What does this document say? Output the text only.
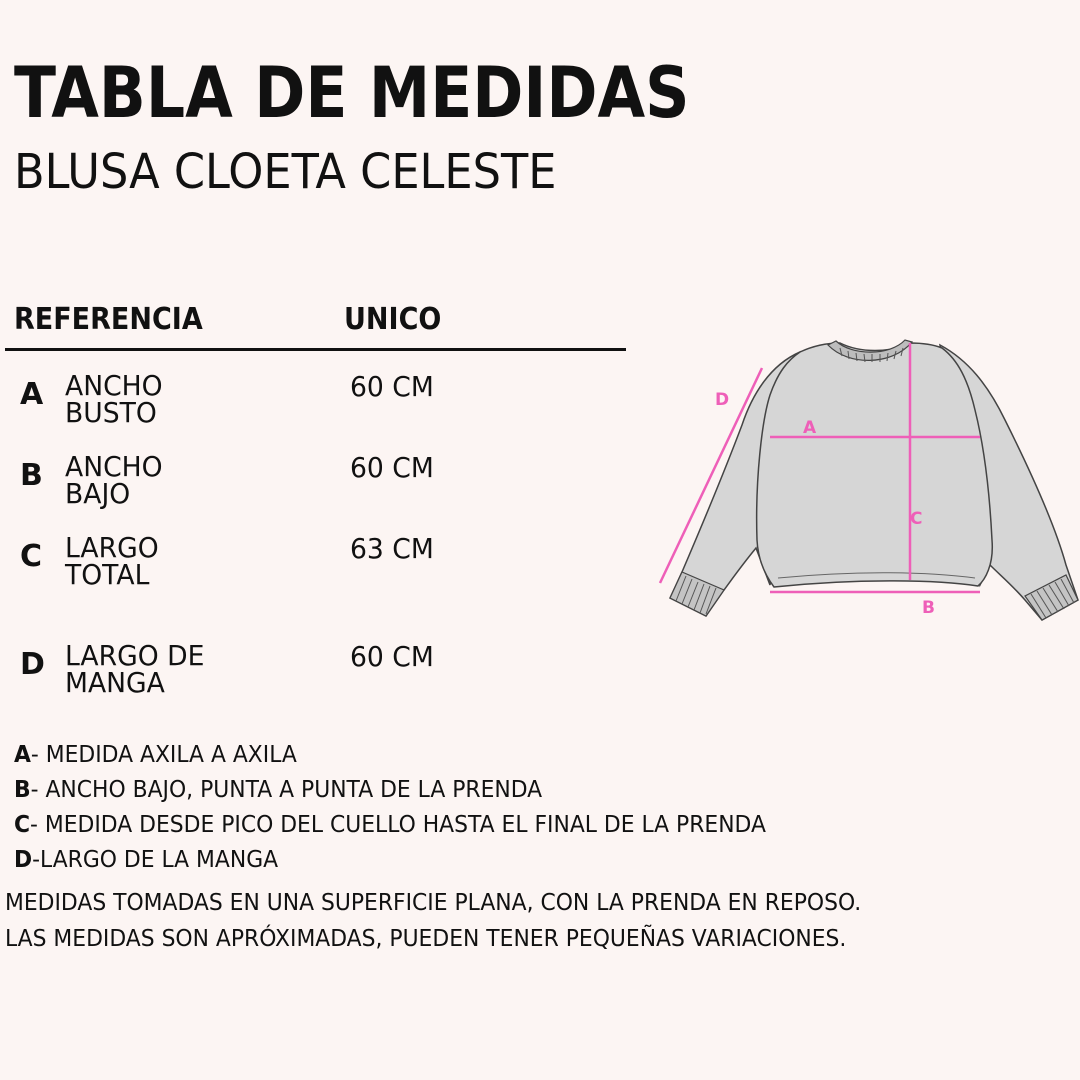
TABLA DE MEDIDAS
BLUSA CLOETA CELESTE
REFERENCIA	UNICO
A ANCHO
BUSTO
60 CM
B ANCHO
BAJO
60 CM
C LARGO
TOTAL
63 CM
D LARGO DE
MANGA
60 CM
A
B
C
D
A- MEDIDA AXILA A AXILA
B- ANCHO BAJO, PUNTA A PUNTA DE LA PRENDA
C- MEDIDA DESDE PICO DEL CUELLO HASTA EL FINAL DE LA PRENDA
D-LARGO DE LA MANGA
MEDIDAS TOMADAS EN UNA SUPERFICIE PLANA, CON LA PRENDA EN REPOSO.
LAS MEDIDAS SON APRÓXIMADAS, PUEDEN TENER PEQUEÑAS VARIACIONES.
